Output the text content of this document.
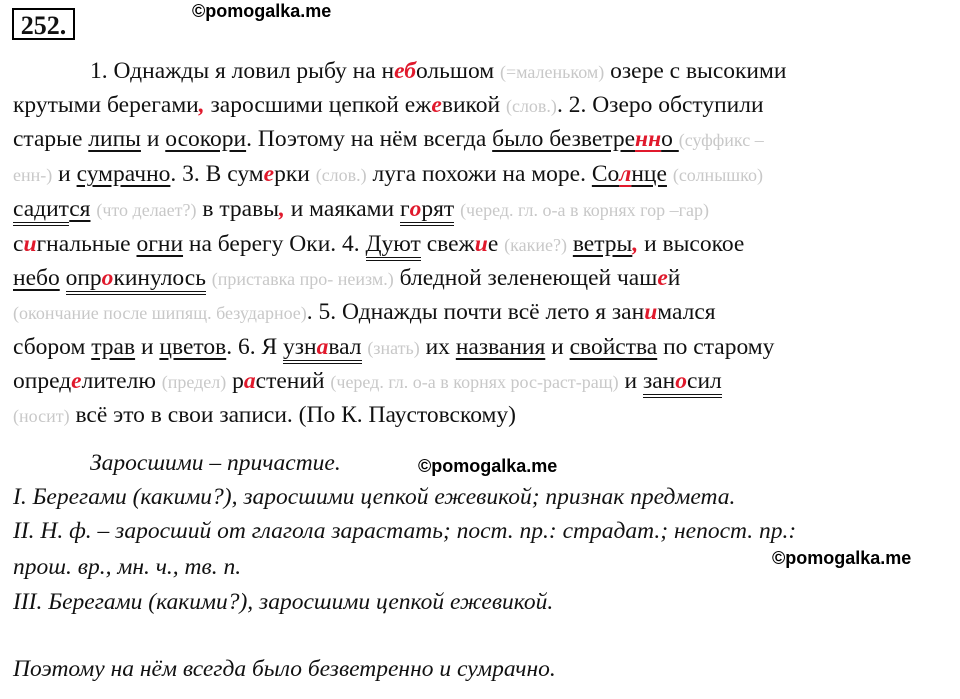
252.	©pomogalka.me
1. Однажды я ловил рыбу на небольшом (=маленьком) озере с высокими
крутыми берегами, заросшими цепкой ежевикой (слов.). 2. Озеро обступили
старые липы и осокори. Поэтому на нём всегда было безветренно (суффикс –
енн-) и сумрачно. 3. В сумерки (слов.) луга похожи на море. Солнце (солнышко)
садится (что делает?) в травы, и маяками горят (черед. гл. о-а в корнях гор –гар)
сигнальные огни на берегу Оки. 4. Дуют свежие (какие?) ветры, и высокое
небо опрокинулось (приставка про- неизм.) бледной зеленеющей чашей
(окончание после шипящ. безударное). 5. Однажды почти всё лето я занимался
сбором трав и цветов. 6. Я узнавал (знать) их названия и свойства по старому
определителю (предел) растений (черед. гл. о-а в корнях рос-раст-ращ) и заносил
(носит) всё это в свои записи. (По К. Паустовскому)
Заросшими – причастие.	©pomogalka.me
I. Берегами (какими?), заросшими цепкой ежевикой; признак предмета.
II. Н. ф. – заросший от глагола зарастать; пост. пр.: страдат.; непост. пр.:
©pomogalka.me
прош. вр., мн. ч., тв. п.
III. Берегами (какими?), заросшими цепкой ежевикой.
Поэтому на нём всегда было безветренно и сумрачно.
